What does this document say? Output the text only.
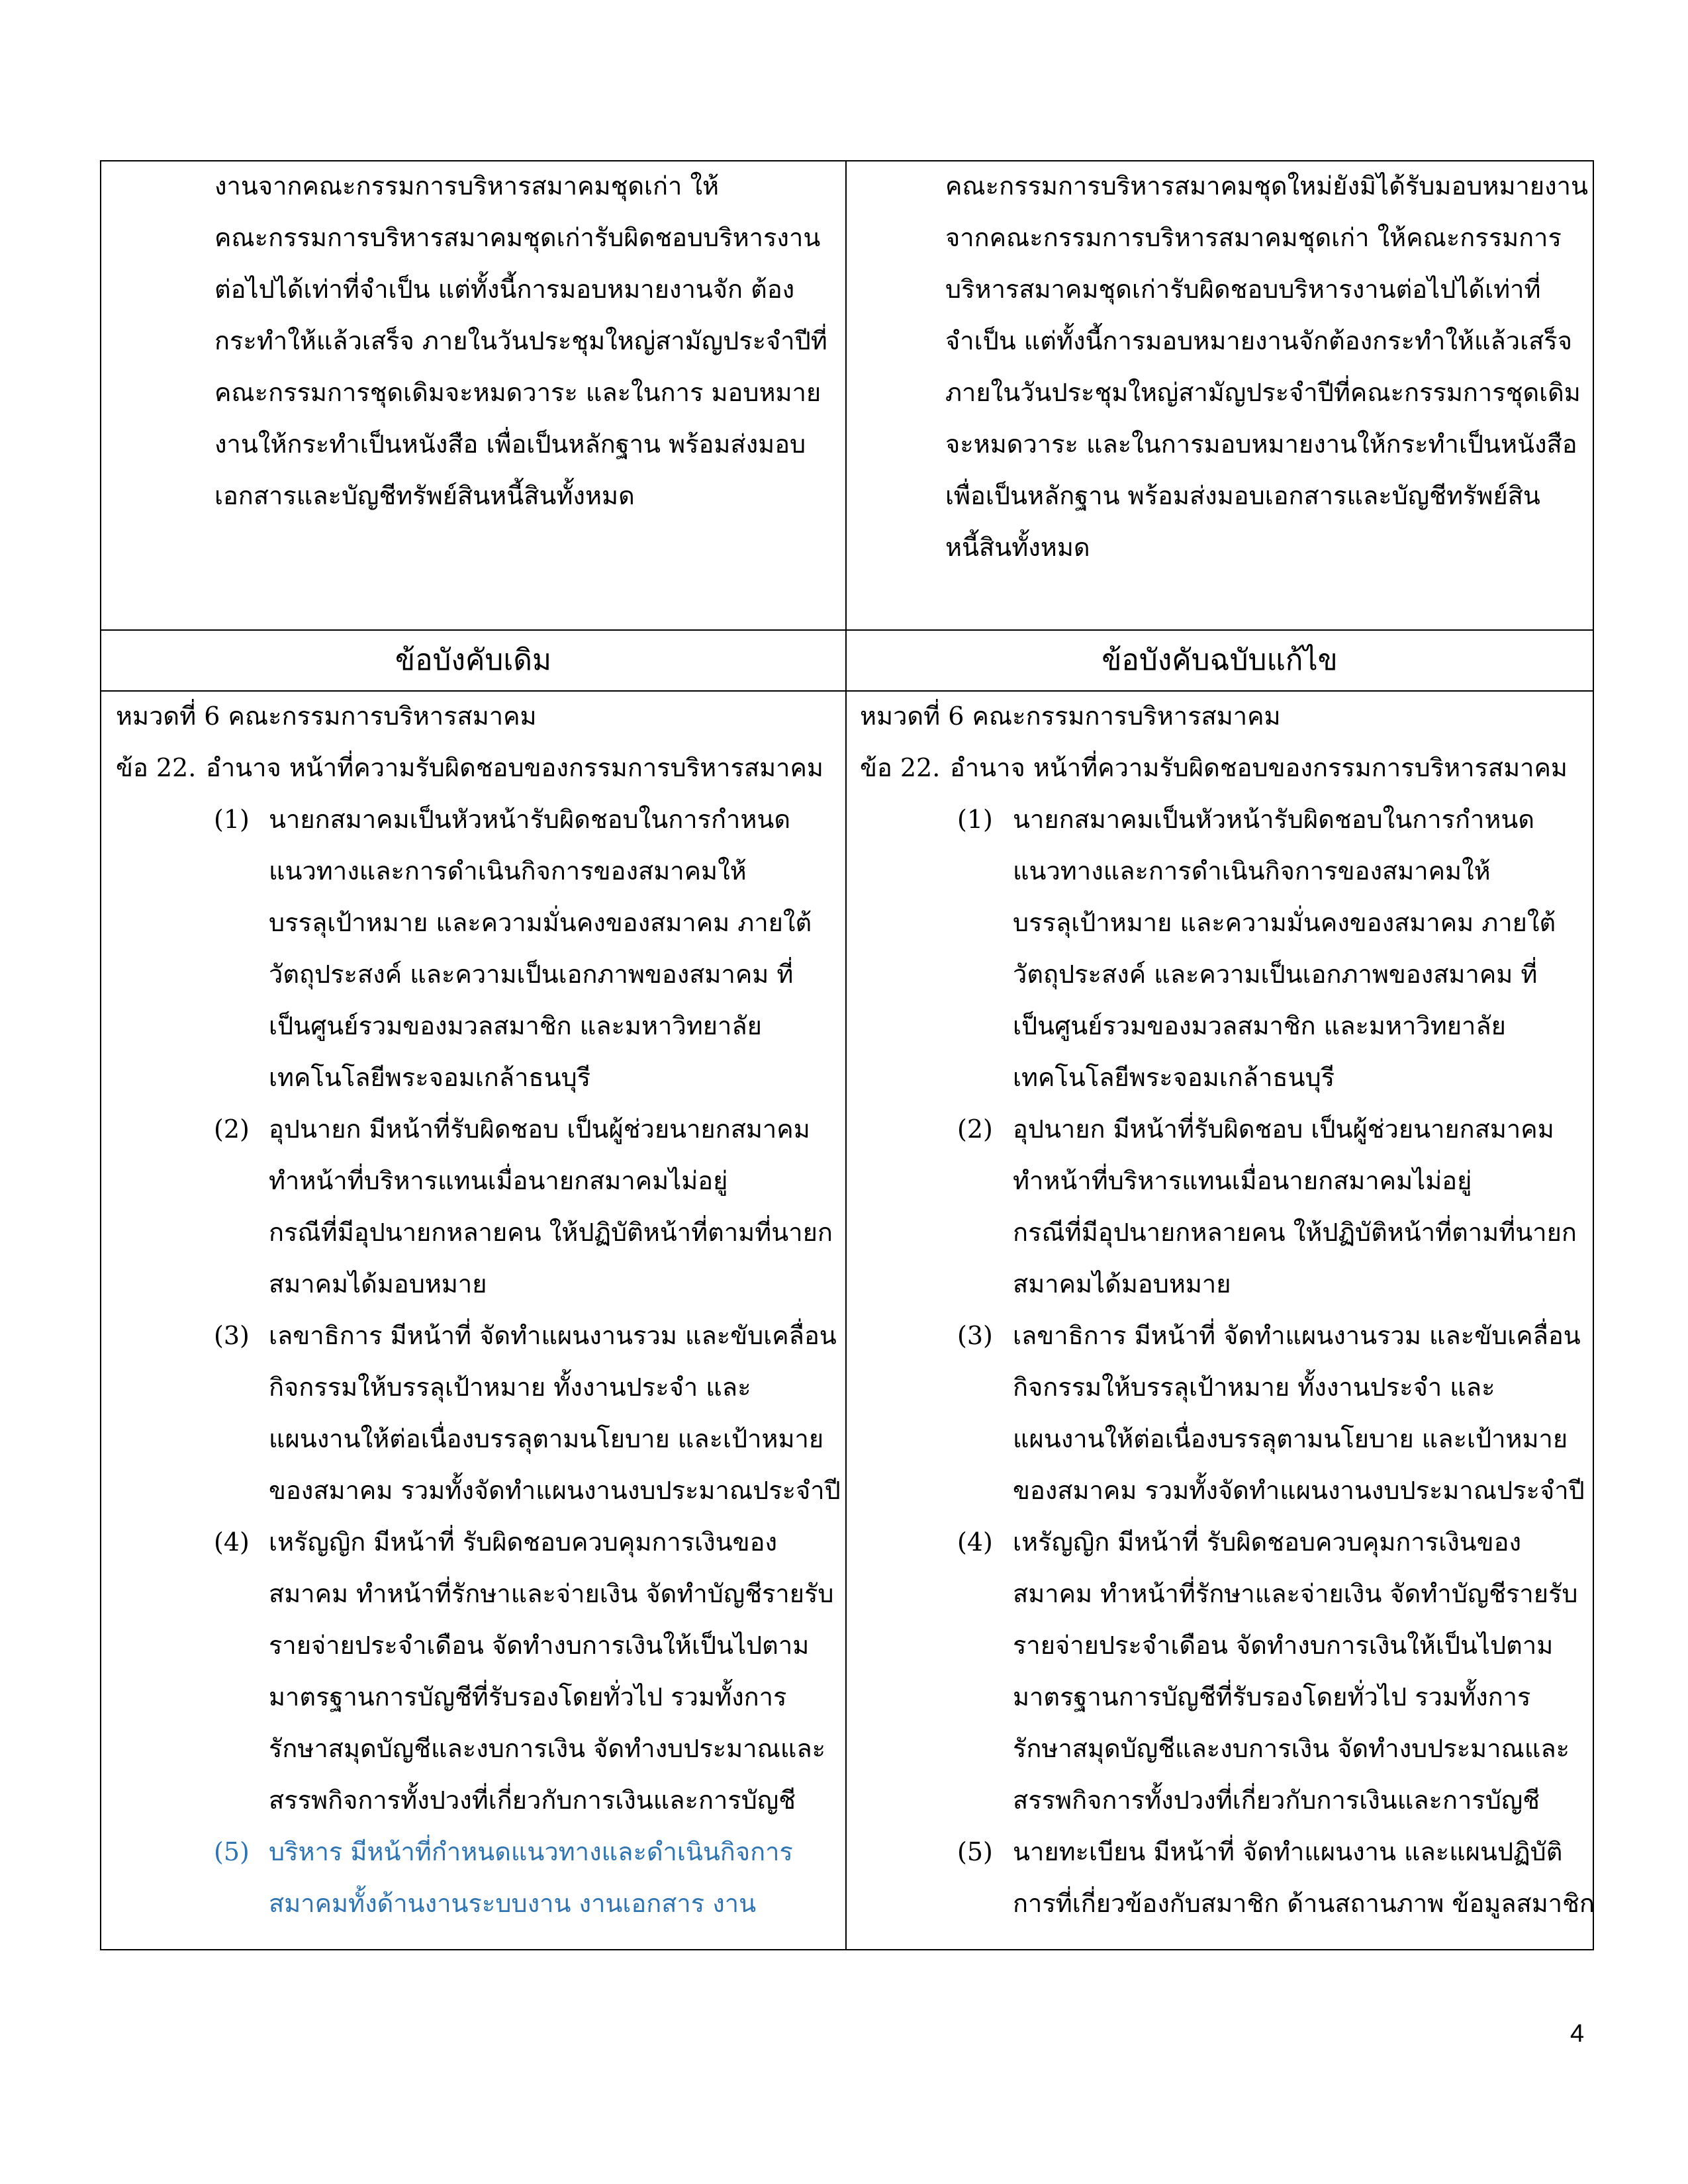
งานจากคณะกรรมการบริหารสมาคมชุดเก่า ให้
คณะกรรมการบริหารสมาคมชุดเก่ารับผิดชอบบริหารงาน
ต่อไปได้เท่าที่จำเป็น แต่ทั้งนี้การมอบหมายงานจัก ต้อง
กระทำให้แล้วเสร็จ ภายในวันประชุมใหญ่สามัญประจำปีที่
คณะกรรมการชุดเดิมจะหมดวาระ และในการ มอบหมาย
งานให้กระทำเป็นหนังสือ เพื่อเป็นหลักฐาน พร้อมส่งมอบ
เอกสารและบัญชีทรัพย์สินหนี้สินทั้งหมด
คณะกรรมการบริหารสมาคมชุดใหม่ยังมิได้รับมอบหมายงาน
จากคณะกรรมการบริหารสมาคมชุดเก่า ให้คณะกรรมการ
บริหารสมาคมชุดเก่ารับผิดชอบบริหารงานต่อไปได้เท่าที่
จำเป็น แต่ทั้งนี้การมอบหมายงานจักต้องกระทำให้แล้วเสร็จ
ภายในวันประชุมใหญ่สามัญประจำปีที่คณะกรรมการชุดเดิม
จะหมดวาระ และในการมอบหมายงานให้กระทำเป็นหนังสือ
เพื่อเป็นหลักฐาน พร้อมส่งมอบเอกสารและบัญชีทรัพย์สิน
หนี้สินทั้งหมด
ข้อบังคับเดิม	ข้อบังคับฉบับแก้ไข
หมวดที่ 6 คณะกรรมการบริหารสมาคม
ข้อ 22. อำนาจ หน้าที่ความรับผิดชอบของกรรมการบริหารสมาคม
(1) นายกสมาคมเป็นหัวหน้ารับผิดชอบในการกำหนด
แนวทางและการดำเนินกิจการของสมาคมให้
บรรลุเป้าหมาย และความมั่นคงของสมาคม ภายใต้
วัตถุประสงค์ และความเป็นเอกภาพของสมาคม ที่
เป็นศูนย์รวมของมวลสมาชิก และมหาวิทยาลัย
เทคโนโลยีพระจอมเกล้าธนบุรี
(2) อุปนายก มีหน้าที่รับผิดชอบ เป็นผู้ช่วยนายกสมาคม
ทำหน้าที่บริหารแทนเมื่อนายกสมาคมไม่อยู่
กรณีที่มีอุปนายกหลายคน ให้ปฏิบัติหน้าที่ตามที่นายก
สมาคมได้มอบหมาย
(3) เลขาธิการ มีหน้าที่ จัดทำแผนงานรวม และขับเคลื่อน
กิจกรรมให้บรรลุเป้าหมาย ทั้งงานประจำ และ
แผนงานให้ต่อเนื่องบรรลุตามนโยบาย และเป้าหมาย
ของสมาคม รวมทั้งจัดทำแผนงานงบประมาณประจำปี
(4) เหรัญญิก มีหน้าที่ รับผิดชอบควบคุมการเงินของ
สมาคม ทำหน้าที่รักษาและจ่ายเงิน จัดทำบัญชีรายรับ
รายจ่ายประจำเดือน จัดทำงบการเงินให้เป็นไปตาม
มาตรฐานการบัญชีที่รับรองโดยทั่วไป รวมทั้งการ
รักษาสมุดบัญชีและงบการเงิน จัดทำงบประมาณและ
สรรพกิจการทั้งปวงที่เกี่ยวกับการเงินและการบัญชี
(5) บริหาร มีหน้าที่กำหนดแนวทางและดำเนินกิจการ
สมาคมทั้งด้านงานระบบงาน งานเอกสาร งาน
หมวดที่ 6 คณะกรรมการบริหารสมาคม
ข้อ 22. อำนาจ หน้าที่ความรับผิดชอบของกรรมการบริหารสมาคม
(1) นายกสมาคมเป็นหัวหน้ารับผิดชอบในการกำหนด
แนวทางและการดำเนินกิจการของสมาคมให้
บรรลุเป้าหมาย และความมั่นคงของสมาคม ภายใต้
วัตถุประสงค์ และความเป็นเอกภาพของสมาคม ที่
เป็นศูนย์รวมของมวลสมาชิก และมหาวิทยาลัย
เทคโนโลยีพระจอมเกล้าธนบุรี
(2) อุปนายก มีหน้าที่รับผิดชอบ เป็นผู้ช่วยนายกสมาคม
ทำหน้าที่บริหารแทนเมื่อนายกสมาคมไม่อยู่
กรณีที่มีอุปนายกหลายคน ให้ปฏิบัติหน้าที่ตามที่นายก
สมาคมได้มอบหมาย
(3) เลขาธิการ มีหน้าที่ จัดทำแผนงานรวม และขับเคลื่อน
กิจกรรมให้บรรลุเป้าหมาย ทั้งงานประจำ และ
แผนงานให้ต่อเนื่องบรรลุตามนโยบาย และเป้าหมาย
ของสมาคม รวมทั้งจัดทำแผนงานงบประมาณประจำปี
(4) เหรัญญิก มีหน้าที่ รับผิดชอบควบคุมการเงินของ
สมาคม ทำหน้าที่รักษาและจ่ายเงิน จัดทำบัญชีรายรับ
รายจ่ายประจำเดือน จัดทำงบการเงินให้เป็นไปตาม
มาตรฐานการบัญชีที่รับรองโดยทั่วไป รวมทั้งการ
รักษาสมุดบัญชีและงบการเงิน จัดทำงบประมาณและ
สรรพกิจการทั้งปวงที่เกี่ยวกับการเงินและการบัญชี
(5) นายทะเบียน มีหน้าที่ จัดทำแผนงาน และแผนปฏิบัติ
การที่เกี่ยวข้องกับสมาชิก ด้านสถานภาพ ข้อมูลสมาชิก
4
